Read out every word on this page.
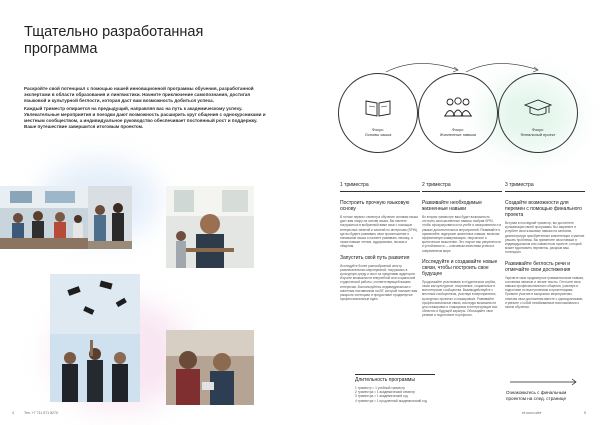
Тщательно разработанная программа

Раскройте свой потенциал с помощью нашей инновационной программы обучения, разработанной экспертами в области образования и лингвистики. Начните приключение самопознания, достигая языковой и культурной беглости, которая даст вам возможность добиться успеха.

Каждый триместр опирается на предыдущий, направляя вас на путь к академическому успеху. Увлекательные мероприятия и поездки дают возможность расширить круг общения с однокурсниками и местным сообществом, а индивидуальное руководство обеспечивает постоянный рост и поддержку. Ваше путешествие завершится итоговым проектом.

4	Тел. +7 711 571 8270
Фокус:
Основы языка
Фокус:
Жизненные навыки
Фокус:
Финальный проект
1 триместра
Построить прочную языковую основу
В потоке первого семестра обучение основам языка даст вам опору на основе языка. Вы начнете погружаться в выбранный вами язык с помощью интересных занятий и занятий по интересам (SPIN), где вы будете развивать свои произношение и понимание языка и начнете развивать лексику, а также навыки чтения, аудирования, письма и общения.
Запустить свой путь развития
Исследуйте более разнообразный спектр развлекательных мероприятий, погружаясь в культурную среду и опыт за пределами аудитории. Изучите возможности внеучебной или социальной студенческой работы, соответствующей вашим интересам. Воспользуйтесь индивидуальным и анкетным наставником на BF, который поможет вам раскрыть потенциал и предоставит продвинутые профессиональные идеи.
2 триместра
Развивайте необходимые жизненные навыки
Во втором триместре ваш будет возможность отточить свои жизненные навыки, выбрав SPIN, чтобы сфокусироваться на учебе и саморазвитии и в рамках дополнительных мероприятий. Развивайте и применяйте лидерские жизненные навыки, включая эффективную коммуникацию, творческое и критическое мышление. Это научит вас уверенности и устойчивости — ключевым качествам успеха в современном мире.
Исследуйте и создавайте новые связи, чтобы построить свое будущее
Продолжайте участвовать в студенческих клубах, таких как культурные, спортивные, социальные и волонтерские сообщества. Взаимодействуйте с местным сообществом, участвуя в мероприятиях, культурных проектах и стажировках. Развивайте профессиональные связи, исследуя возможности для стажировки и стажировок в интересующих вас областях и будущей карьеры. Обогащайте свое резюме и подготовьте портфолио.
3 триместра
Создайте возможности для перемен с помощью финального проекта
Вступая в последний триместр, вы достигнете кульминации своей программы. Вы закрепите и углубите свои языковые навыки на занятиях, демонстрируя приобретенные компетенции и умение решать проблемы. Вы примените свои навыки в индивидуальном или совместном проекте, который может вдохновить перемены, раскрыв ваш потенциал.
Развивайте беглость речи и отмечайте свои достижения
Укрепите свои продвинутые грамматические навыки, составляя связные и четкие тексты. Отточите свои навыки профессионального общения, участвуя в подготовке по выступлениям и презентациям. Примите участие в выпускных мероприятиях, отмечая свои достижения вместе с однокурсниками, и увезите с собой незабываемые воспоминания о своем обучении.
ef.com.ru/ee	5
Длительность программы
1 триместр = 1 учебный триместр
2 триместра = 1 академический семестр
3 триместра = 1 академический год
4 триместра = 1 продленный академический год
Ознакомьтесь с финальным проектом на след. странице
